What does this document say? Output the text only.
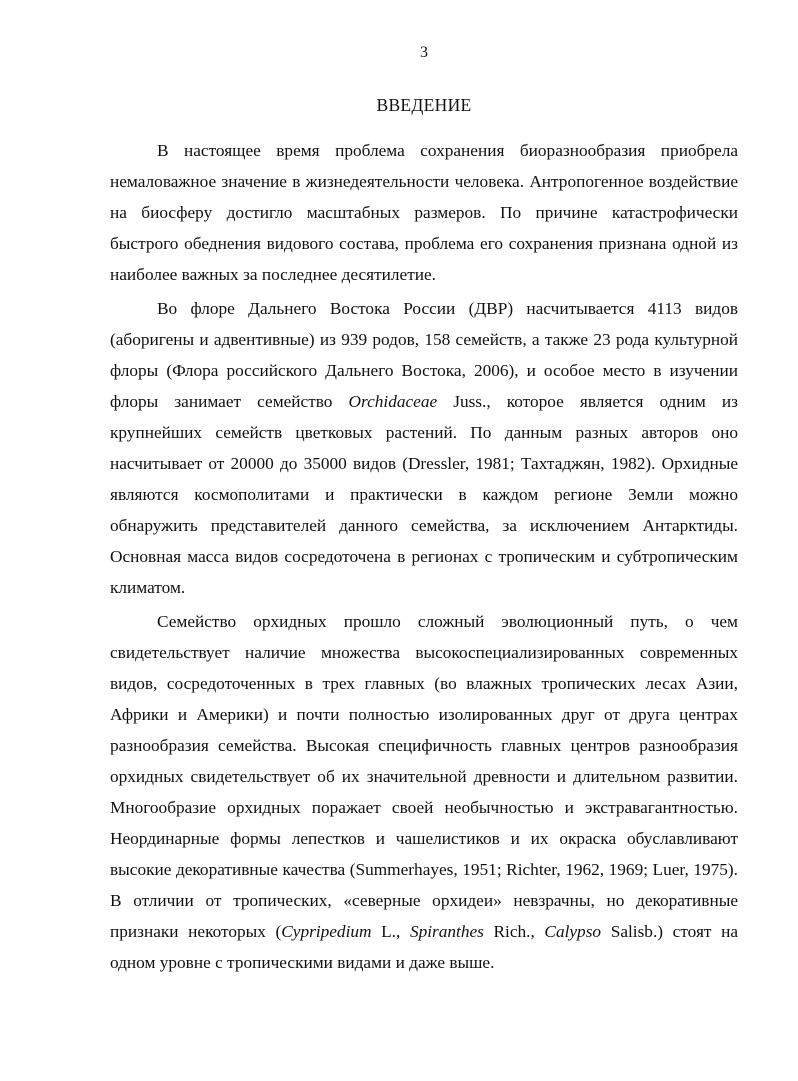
3
ВВЕДЕНИЕ

В настоящее время проблема сохранения биоразнообразия приобрела немаловажное значение в жизнедеятельности человека. Антропогенное воздействие на биосферу достигло масштабных размеров. По причине катастрофически быстрого обеднения видового состава, проблема его сохранения признана одной из наиболее важных за последнее десятилетие.

Во флоре Дальнего Востока России (ДВР) насчитывается 4113 видов (аборигены и адвентивные) из 939 родов, 158 семейств, а также 23 рода культурной флоры (Флора российского Дальнего Востока, 2006), и особое место в изучении флоры занимает семейство Orchidaceae Juss., которое является одним из крупнейших семейств цветковых растений. По данным разных авторов оно насчитывает от 20000 до 35000 видов (Dressler, 1981; Тахтаджян, 1982). Орхидные являются космополитами и практически в каждом регионе Земли можно обнаружить представителей данного семейства, за исключением Антарктиды. Основная масса видов сосредоточена в регионах с тропическим и субтропическим климатом.

Семейство орхидных прошло сложный эволюционный путь, о чем свидетельствует наличие множества высокоспециализированных современных видов, сосредоточенных в трех главных (во влажных тропических лесах Азии, Африки и Америки) и почти полностью изолированных друг от друга центрах разнообразия семейства. Высокая специфичность главных центров разнообразия орхидных свидетельствует об их значительной древности и длительном развитии. Многообразие орхидных поражает своей необычностью и экстравагантностью. Неординарные формы лепестков и чашелистиков и их окраска обуславливают высокие декоративные качества (Summerhayes, 1951; Richter, 1962, 1969; Luer, 1975). В отличии от тропических, «северные орхидеи» невзрачны, но декоративные признаки некоторых (Cypripedium L., Spiranthes Rich., Calypso Salisb.) стоят на одном уровне с тропическими видами и даже выше.
